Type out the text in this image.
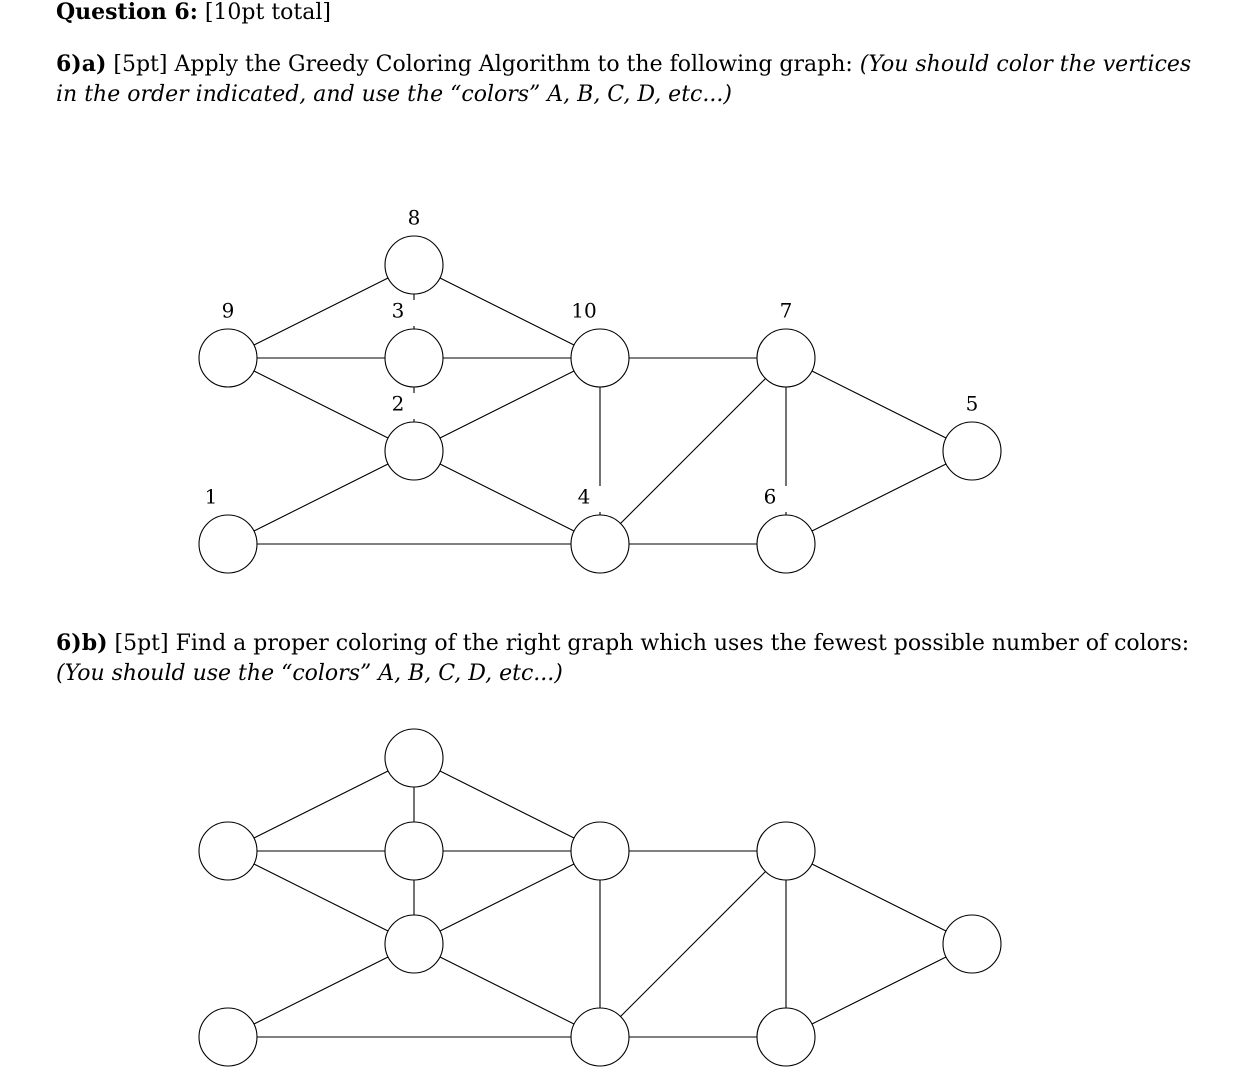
Question 6: [10pt total]
6)a) [5pt] Apply the Greedy Coloring Algorithm to the following graph: (You should color the vertices
in the order indicated, and use the “colors” A, B, C, D, etc...)
6)b) [5pt] Find a proper coloring of the right graph which uses the fewest possible number of colors:
(You should use the “colors” A, B, C, D, etc...)
8
9	3	10	7
2	5
1	4	6
